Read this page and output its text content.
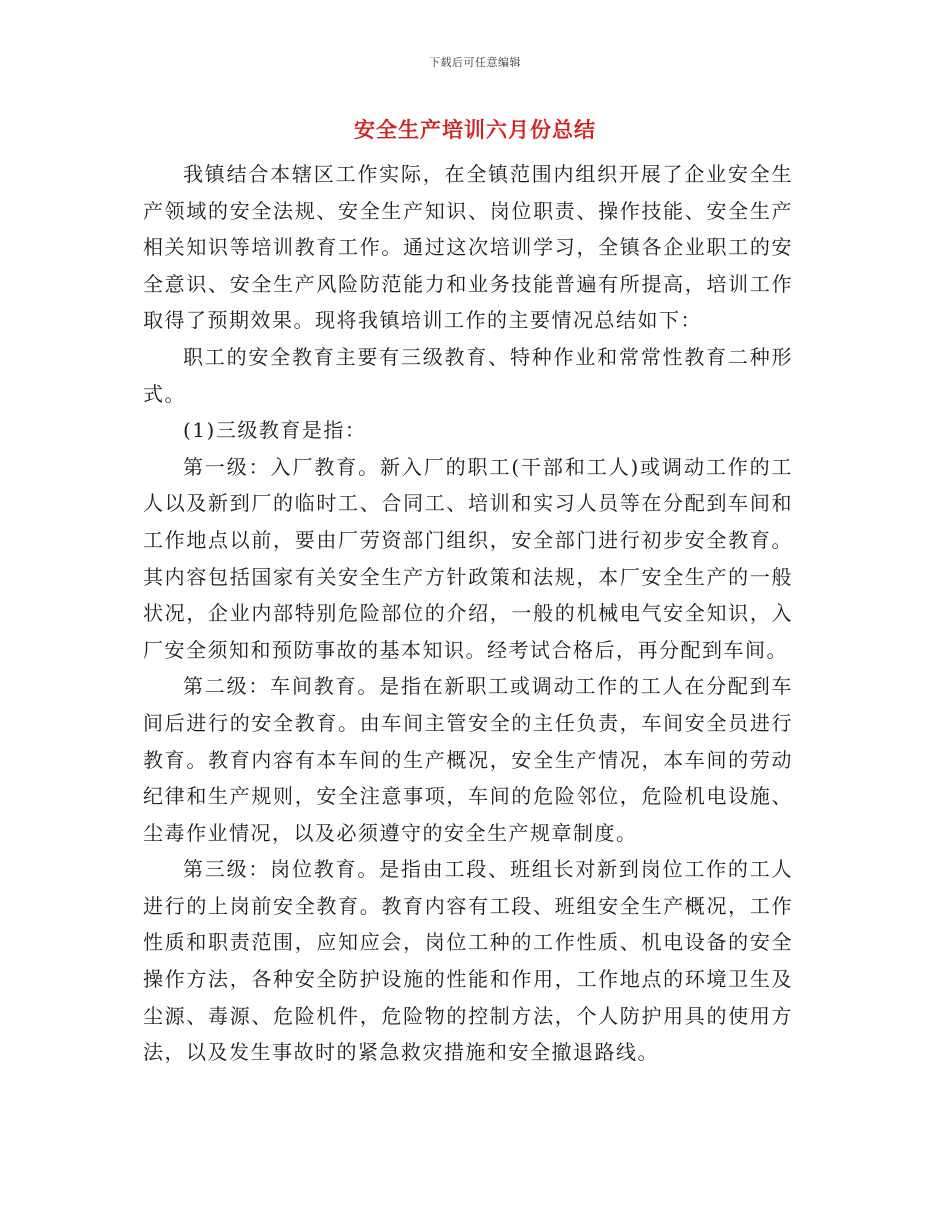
下载后可任意编辑
安全生产培训六月份总结

我镇结合本辖区工作实际，在全镇范围内组织开展了企业安全生产领域的安全法规、安全生产知识、岗位职责、操作技能、安全生产相关知识等培训教育工作。通过这次培训学习，全镇各企业职工的安全意识、安全生产风险防范能力和业务技能普遍有所提高，培训工作取得了预期效果。现将我镇培训工作的主要情况总结如下：

职工的安全教育主要有三级教育、特种作业和常常性教育二种形式。

(1)三级教育是指：

第一级：入厂教育。新入厂的职工(干部和工人)或调动工作的工人以及新到厂的临时工、合同工、培训和实习人员等在分配到车间和工作地点以前，要由厂劳资部门组织，安全部门进行初步安全教育。其内容包括国家有关安全生产方针政策和法规，本厂安全生产的一般状况，企业内部特别危险部位的介绍，一般的机械电气安全知识，入厂安全须知和预防事故的基本知识。经考试合格后，再分配到车间。

第二级：车间教育。是指在新职工或调动工作的工人在分配到车间后进行的安全教育。由车间主管安全的主任负责，车间安全员进行教育。教育内容有本车间的生产概况，安全生产情况，本车间的劳动纪律和生产规则，安全注意事项，车间的危险邻位，危险机电设施、尘毒作业情况，以及必须遵守的安全生产规章制度。

第三级：岗位教育。是指由工段、班组长对新到岗位工作的工人进行的上岗前安全教育。教育内容有工段、班组安全生产概况，工作性质和职责范围，应知应会，岗位工种的工作性质、机电设备的安全操作方法，各种安全防护设施的性能和作用，工作地点的环境卫生及尘源、毒源、危险机件，危险物的控制方法，个人防护用具的使用方法，以及发生事故时的紧急救灾措施和安全撤退路线。
